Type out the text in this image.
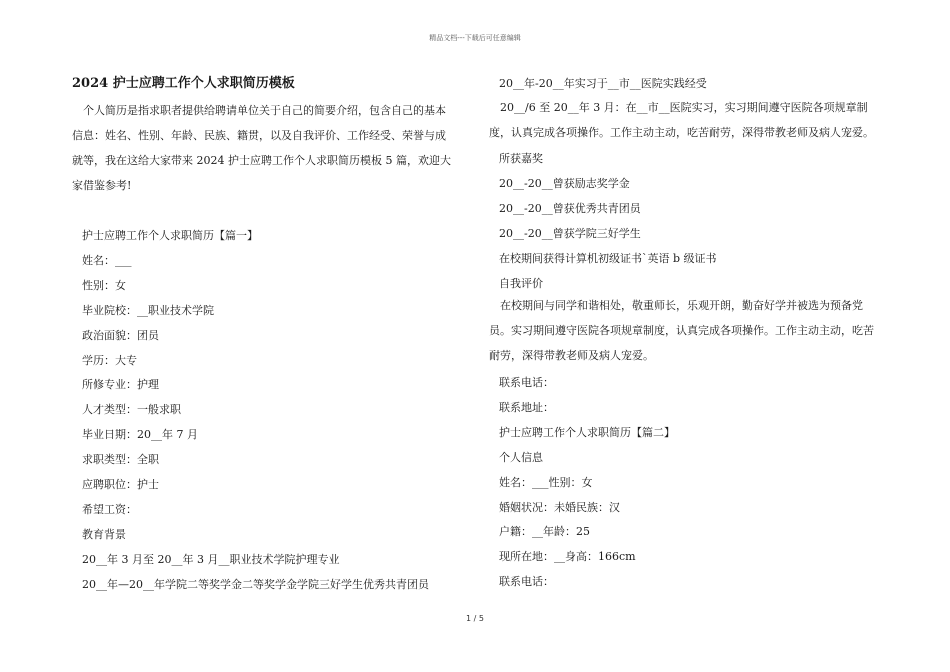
精品文档---下载后可任意编辑
2024 护士应聘工作个人求职简历模板
个人简历是指求职者提供给聘请单位关于自己的简要介绍，包含自己的基本信息：姓名、性别、年龄、民族、籍贯，以及自我评价、工作经受、荣誉与成就等，我在这给大家带来 2024 护士应聘工作个人求职简历模板 5 篇，欢迎大家借鉴参考!
护士应聘工作个人求职简历【篇一】
姓名：___
性别：女
毕业院校：__职业技术学院
政治面貌：团员
学历：大专
所修专业：护理
人才类型：一般求职
毕业日期：20__年 7 月
求职类型：全职
应聘职位：护士
希望工资：
教育背景
20__年 3 月至 20__年 3 月__职业技术学院护理专业
20__年—20__年学院二等奖学金二等奖学金学院三好学生优秀共青团员
20__年-20__年实习于__市__医院实践经受
20__/6 至 20__年 3 月：在__市__医院实习，实习期间遵守医院各项规章制度，认真完成各项操作。工作主动主动，吃苦耐劳，深得带教老师及病人宠爱。
所获嘉奖
20__-20__曾获励志奖学金
20__-20__曾获优秀共青团员
20__-20__曾获学院三好学生
在校期间获得计算机初级证书`英语 b 级证书
自我评价
在校期间与同学和谐相处，敬重师长，乐观开朗，勤奋好学并被选为预备党员。实习期间遵守医院各项规章制度，认真完成各项操作。工作主动主动，吃苦耐劳，深得带教老师及病人宠爱。
联系电话：
联系地址：
护士应聘工作个人求职简历【篇二】
个人信息
姓名：___性别：女
婚姻状况：未婚民族：汉
户籍：__年龄：25
现所在地：__身高：166cm
联系电话：
1 / 5
